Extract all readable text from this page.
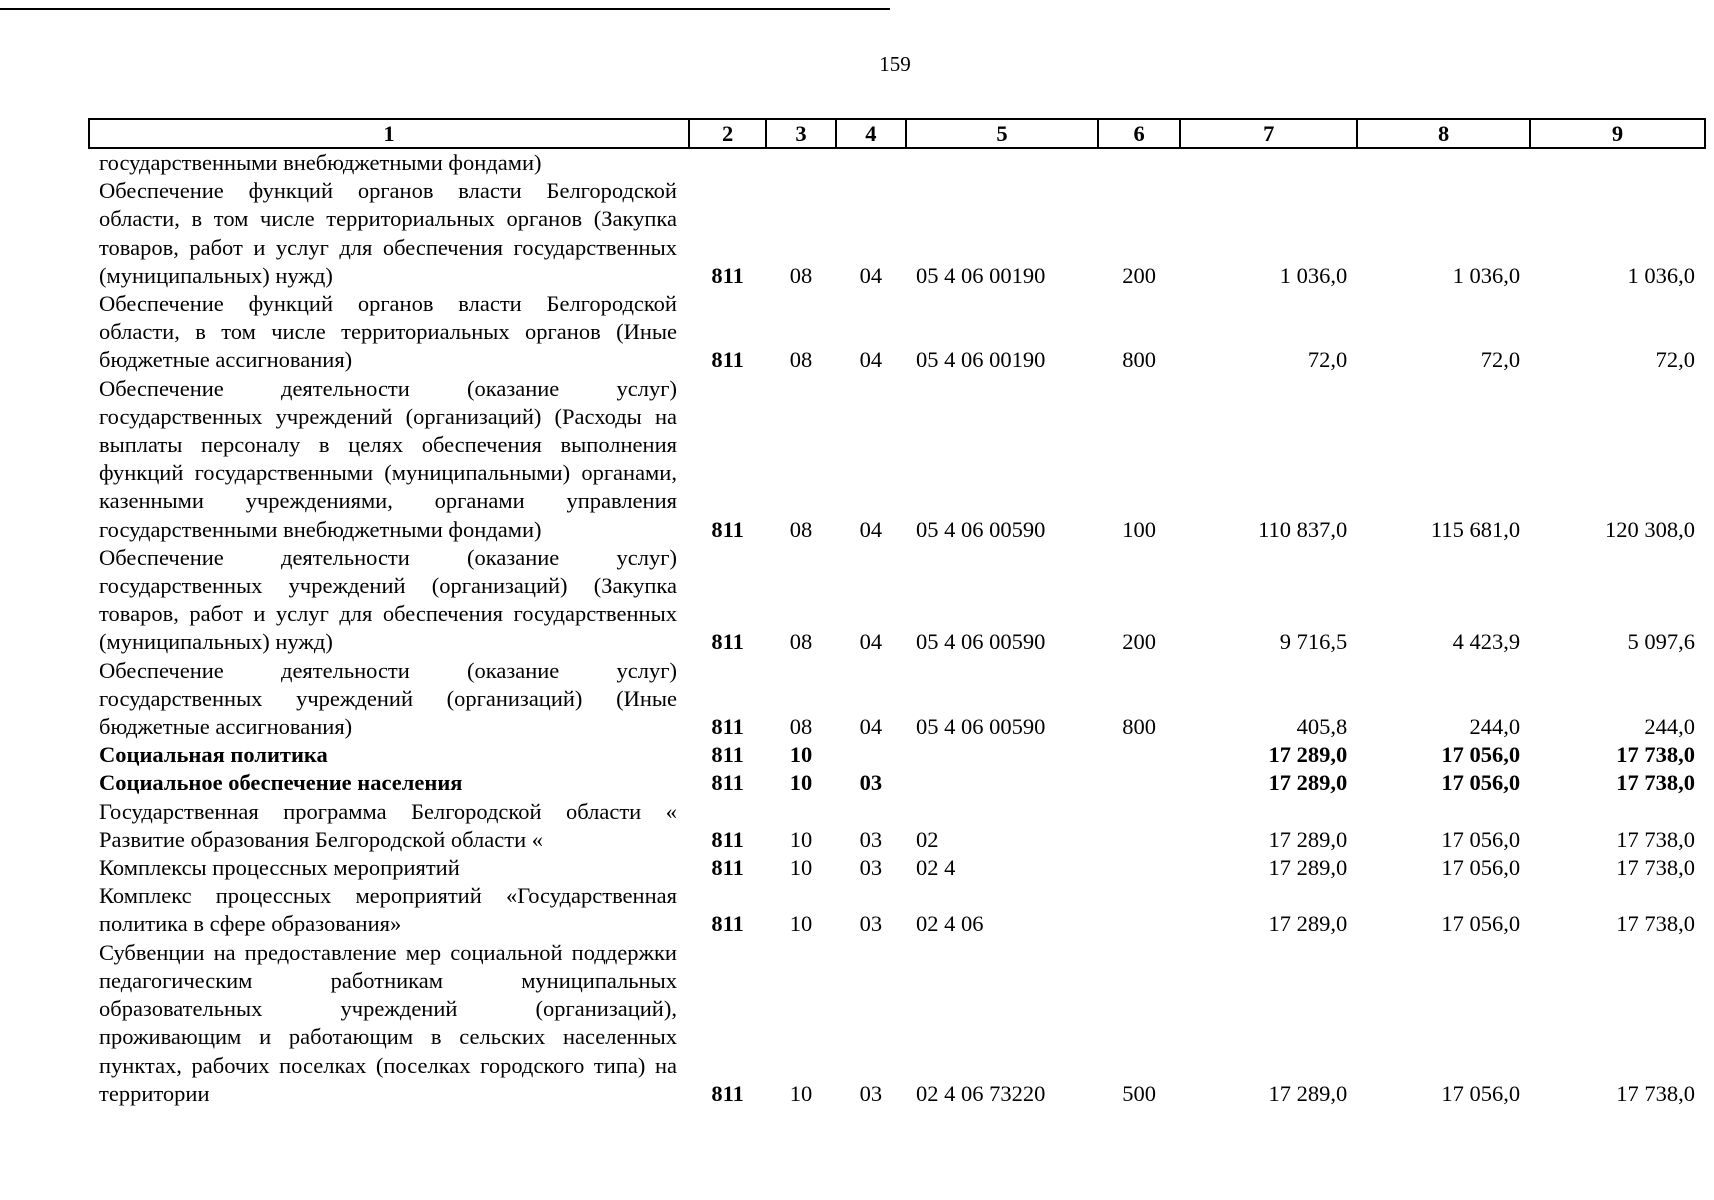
159
1	2	3	4	5	6	7	8	9
государственными внебюджетными фондами)								
Обеспечение функций органов власти Белгородской области, в том числе территориальных органов (Закупка товаров, работ и услуг для обеспечения государственных (муниципальных) нужд)	811	08	04	05 4 06 00190	200	1 036,0	1 036,0	1 036,0
Обеспечение функций органов власти Белгородской области, в том числе территориальных органов (Иные бюджетные ассигнования)	811	08	04	05 4 06 00190	800	72,0	72,0	72,0
Обеспечение деятельности (оказание услуг) государственных учреждений (организаций) (Расходы на выплаты персоналу в целях обеспечения выполнения функций государственными (муниципальными) органами, казенными учреждениями, органами управления государственными внебюджетными фондами)	811	08	04	05 4 06 00590	100	110 837,0	115 681,0	120 308,0
Обеспечение деятельности (оказание услуг) государственных учреждений (организаций) (Закупка товаров, работ и услуг для обеспечения государственных (муниципальных) нужд)	811	08	04	05 4 06 00590	200	9 716,5	4 423,9	5 097,6
Обеспечение деятельности (оказание услуг) государственных учреждений (организаций) (Иные бюджетные ассигнования)	811	08	04	05 4 06 00590	800	405,8	244,0	244,0
Социальная политика	811	10				17 289,0	17 056,0	17 738,0
Социальное обеспечение населения	811	10	03			17 289,0	17 056,0	17 738,0
Государственная программа Белгородской области « Развитие образования Белгородской области «	811	10	03	02		17 289,0	17 056,0	17 738,0
Комплексы процессных мероприятий	811	10	03	02 4		17 289,0	17 056,0	17 738,0
Комплекс процессных мероприятий «Государственная политика в сфере образования»	811	10	03	02 4 06		17 289,0	17 056,0	17 738,0
Субвенции на предоставление мер социальной поддержки педагогическим работникам муниципальных образовательных учреждений (организаций), проживающим и работающим в сельских населенных пунктах, рабочих поселках (поселках городского типа) на территории	811	10	03	02 4 06 73220	500	17 289,0	17 056,0	17 738,0
